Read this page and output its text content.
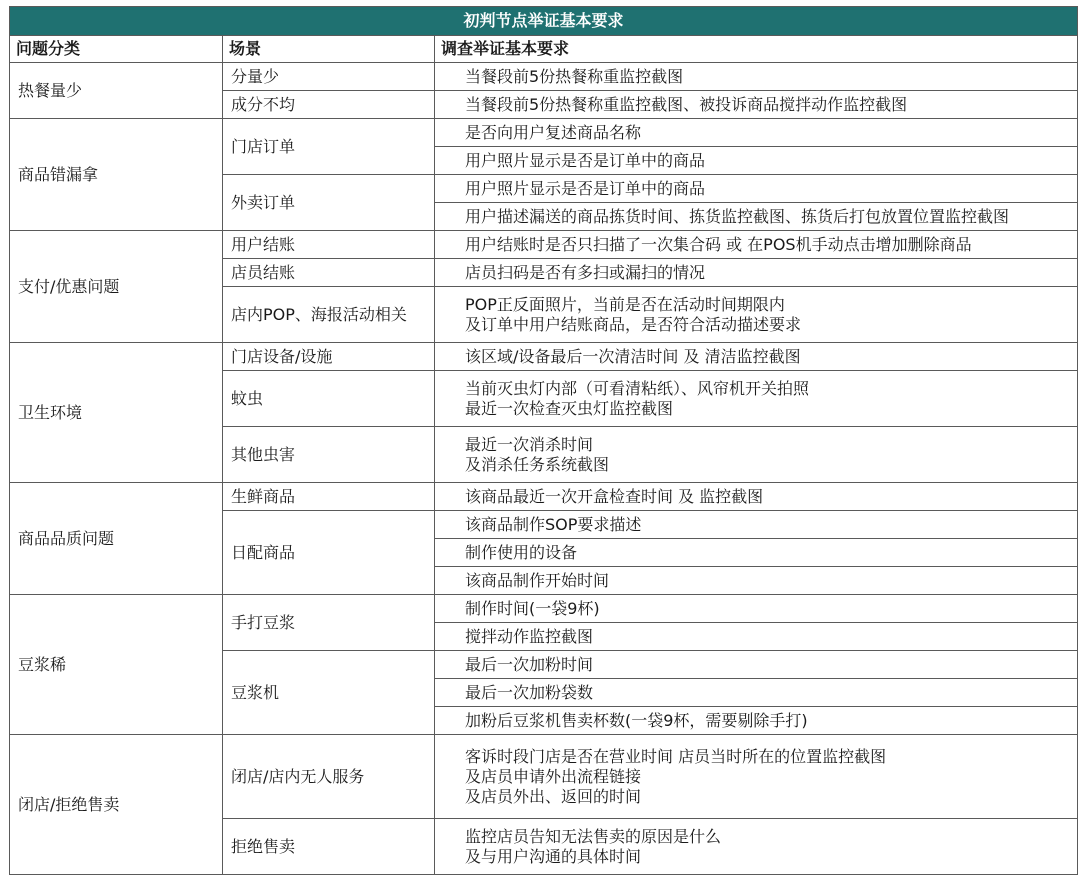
初判节点举证基本要求		
问题分类	场景	调查举证基本要求
热餐量少	分量少	当餐段前5份热餐称重监控截图
	成分不均	当餐段前5份热餐称重监控截图、被投诉商品搅拌动作监控截图
商品错漏拿	门店订单	是否向用户复述商品名称
		用户照片显示是否是订单中的商品
	外卖订单	用户照片显示是否是订单中的商品
		用户描述漏送的商品拣货时间、拣货监控截图、拣货后打包放置位置监控截图
支付/优惠问题	用户结账	用户结账时是否只扫描了一次集合码 或 在POS机手动点击增加删除商品
	店员结账	店员扫码是否有多扫或漏扫的情况
	店内POP、海报活动相关	POP正反面照片，当前是否在活动时间期限内
及订单中用户结账商品，是否符合活动描述要求

卫生环境	门店设备/设施	该区域/设备最后一次清洁时间 及 清洁监控截图
	蚊虫	当前灭虫灯内部（可看清粘纸）、风帘机开关拍照
最近一次检查灭虫灯监控截图

	其他虫害	最近一次消杀时间
及消杀任务系统截图

商品品质问题	生鲜商品	该商品最近一次开盒检查时间 及 监控截图
	日配商品	该商品制作SOP要求描述
		制作使用的设备
		该商品制作开始时间
豆浆稀	手打豆浆	制作时间(一袋9杯)
		搅拌动作监控截图
	豆浆机	最后一次加粉时间
		最后一次加粉袋数
		加粉后豆浆机售卖杯数(一袋9杯，需要剔除手打)
闭店/拒绝售卖	闭店/店内无人服务	客诉时段门店是否在营业时间 店员当时所在的位置监控截图
及店员申请外出流程链接
及店员外出、返回的时间

	拒绝售卖	监控店员告知无法售卖的原因是什么
及与用户沟通的具体时间
